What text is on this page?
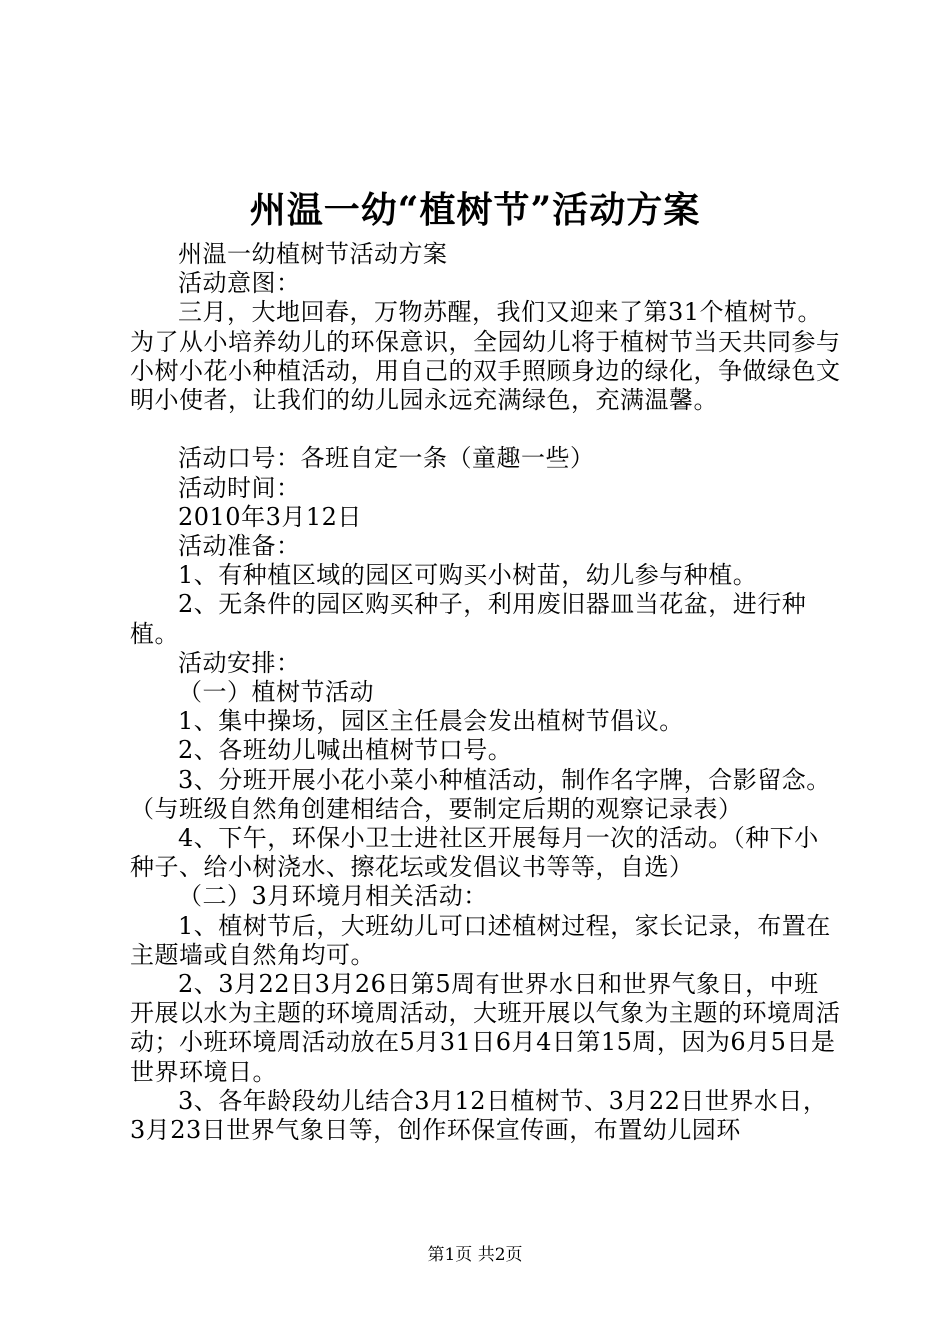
州温一幼“植树节”活动方案

州温一幼植树节活动方案

活动意图：

三月，大地回春，万物苏醒，我们又迎来了第31个植树节。为了从小培养幼儿的环保意识，全园幼儿将于植树节当天共同参与小树小花小种植活动，用自己的双手照顾身边的绿化，争做绿色文明小使者，让我们的幼儿园永远充满绿色，充满温馨。

活动口号：各班自定一条（童趣一些）

活动时间：

2010年3月12日

活动准备：

1、有种植区域的园区可购买小树苗，幼儿参与种植。

2、无条件的园区购买种子，利用废旧器皿当花盆，进行种植。

活动安排：

（一）植树节活动

1、集中操场，园区主任晨会发出植树节倡议。

2、各班幼儿喊出植树节口号。

3、分班开展小花小菜小种植活动，制作名字牌，合影留念。（与班级自然角创建相结合，要制定后期的观察记录表）

4、下午，环保小卫士进社区开展每月一次的活动。（种下小种子、给小树浇水、擦花坛或发倡议书等等，自选）

（二）3月环境月相关活动：

1、植树节后，大班幼儿可口述植树过程，家长记录，布置在主题墙或自然角均可。

2、3月22日3月26日第5周有世界水日和世界气象日，中班开展以水为主题的环境周活动，大班开展以气象为主题的环境周活动；小班环境周活动放在5月31日6月4日第15周，因为6月5日是世界环境日。

3、各年龄段幼儿结合3月12日植树节、3月22日世界水日，3月23日世界气象日等，创作环保宣传画，布置幼儿园环

第1页 共2页
